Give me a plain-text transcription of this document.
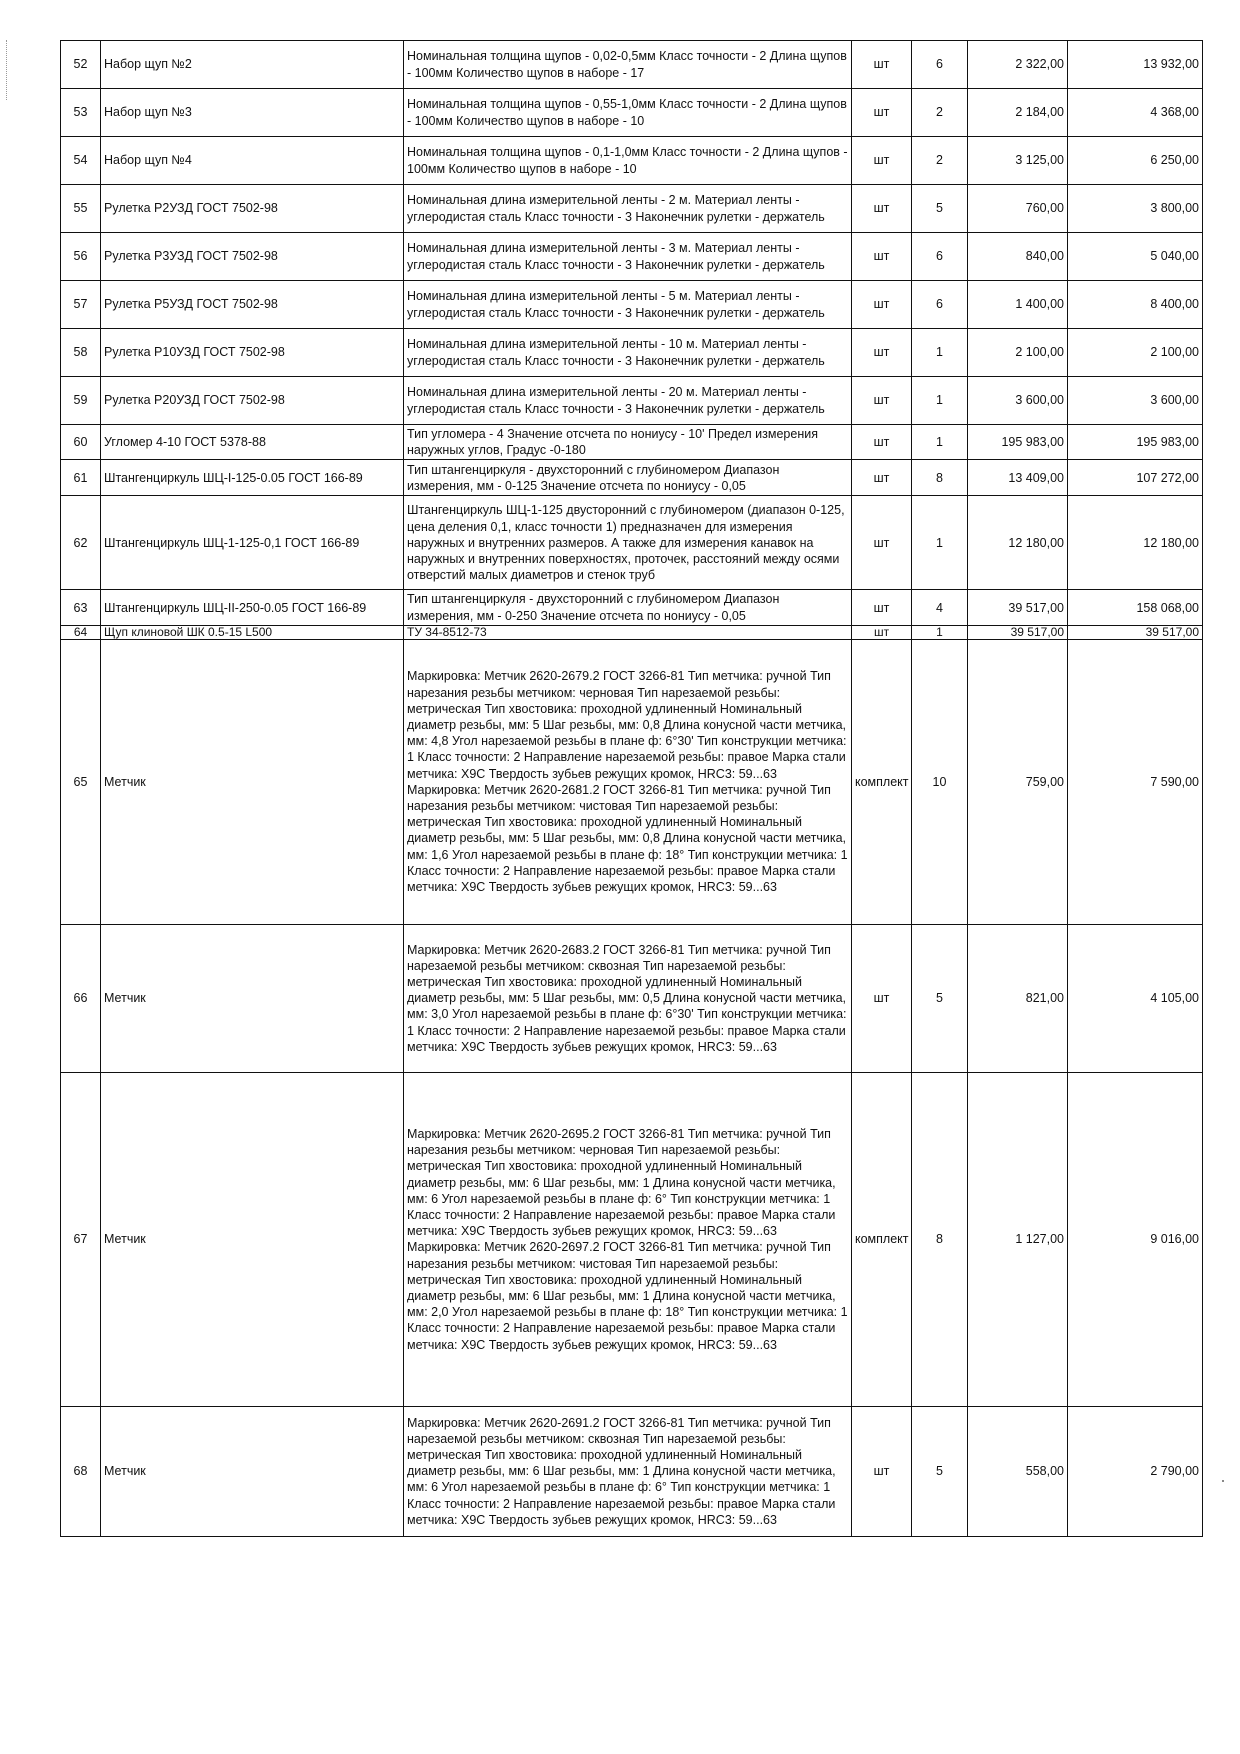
52	Набор щуп №2	Номинальная толщина щупов - 0,02-0,5мм Класс точности - 2 Длина щупов - 100мм Количество щупов в наборе - 17	шт	6	2 322,00	13 932,00
53	Набор щуп №3	Номинальная толщина щупов - 0,55-1,0мм Класс точности - 2 Длина щупов - 100мм Количество щупов в наборе - 10	шт	2	2 184,00	4 368,00
54	Набор щуп №4	Номинальная толщина щупов - 0,1-1,0мм Класс точности - 2 Длина щупов - 100мм Количество щупов в наборе - 10	шт	2	3 125,00	6 250,00
55	Рулетка Р2УЗД ГОСТ 7502-98	Номинальная длина измерительной ленты - 2 м. Материал ленты - углеродистая сталь Класс точности - 3 Наконечник рулетки - держатель	шт	5	760,00	3 800,00
56	Рулетка Р3УЗД ГОСТ 7502-98	Номинальная длина измерительной ленты - 3 м. Материал ленты - углеродистая сталь Класс точности - 3 Наконечник рулетки - держатель	шт	6	840,00	5 040,00
57	Рулетка Р5УЗД ГОСТ 7502-98	Номинальная длина измерительной ленты - 5 м. Материал ленты - углеродистая сталь Класс точности - 3 Наконечник рулетки - держатель	шт	6	1 400,00	8 400,00
58	Рулетка Р10УЗД ГОСТ 7502-98	Номинальная длина измерительной ленты - 10 м. Материал ленты - углеродистая сталь Класс точности - 3 Наконечник рулетки - держатель	шт	1	2 100,00	2 100,00
59	Рулетка Р20УЗД ГОСТ 7502-98	Номинальная длина измерительной ленты - 20 м. Материал ленты - углеродистая сталь Класс точности - 3 Наконечник рулетки - держатель	шт	1	3 600,00	3 600,00
60	Угломер 4-10 ГОСТ 5378-88	Тип угломера - 4 Значение отсчета по нониусу - 10' Предел измерения наружных углов, Градус -0-180	шт	1	195 983,00	195 983,00
61	Штангенциркуль ШЦ-I-125-0.05 ГОСТ 166-89	Тип штангенциркуля - двухсторонний с глубиномером Диапазон измерения, мм - 0-125 Значение отсчета по нониусу - 0,05	шт	8	13 409,00	107 272,00
62	Штангенциркуль ШЦ-1-125-0,1 ГОСТ 166-89	Штангенциркуль ШЦ-1-125 двусторонний с глубиномером (диапазон 0-125, цена деления 0,1, класс точности 1) предназначен для измерения наружных и внутренних размеров. А также для измерения канавок на наружных и внутренних поверхностях, проточек, расстояний между осями отверстий малых диаметров и стенок труб	шт	1	12 180,00	12 180,00
63	Штангенциркуль ШЦ-II-250-0.05 ГОСТ 166-89	Тип штангенциркуля - двухсторонний с глубиномером Диапазон измерения, мм - 0-250 Значение отсчета по нониусу - 0,05	шт	4	39 517,00	158 068,00
64	Щуп клиновой ШК 0.5-15 L500	ТУ 34-8512-73	шт	1	39 517,00	39 517,00
65	Метчик	Маркировка: Метчик 2620-2679.2 ГОСТ 3266-81 Тип метчика: ручной Тип нарезания резьбы метчиком: черновая Тип нарезаемой резьбы: метрическая Тип хвостовика: проходной удлиненный Номинальный диаметр резьбы, мм: 5 Шаг резьбы, мм: 0,8 Длина конусной части метчика, мм: 4,8 Угол нарезаемой резьбы в плане ф: 6°30' Тип конструкции метчика: 1 Класс точности: 2 Направление нарезаемой резьбы: правое Марка стали метчика: Х9С Твердость зубьев режущих кромок, HRC3: 59...63 Маркировка: Метчик 2620-2681.2 ГОСТ 3266-81 Тип метчика: ручной Тип нарезания резьбы метчиком: чистовая Тип нарезаемой резьбы: метрическая Тип хвостовика: проходной удлиненный Номинальный диаметр резьбы, мм: 5 Шаг резьбы, мм: 0,8 Длина конусной части метчика, мм: 1,6 Угол нарезаемой резьбы в плане ф: 18° Тип конструкции метчика: 1 Класс точности: 2 Направление нарезаемой резьбы: правое Марка стали метчика: Х9С Твердость зубьев режущих кромок, HRC3: 59...63	комплект	10	759,00	7 590,00
66	Метчик	Маркировка: Метчик 2620-2683.2 ГОСТ 3266-81 Тип метчика: ручной Тип нарезаемой резьбы метчиком: сквозная Тип нарезаемой резьбы: метрическая Тип хвостовика: проходной удлиненный Номинальный диаметр резьбы, мм: 5 Шаг резьбы, мм: 0,5 Длина конусной части метчика, мм: 3,0 Угол нарезаемой резьбы в плане ф: 6°30' Тип конструкции метчика: 1 Класс точности: 2 Направление нарезаемой резьбы: правое Марка стали метчика: Х9С Твердость зубьев режущих кромок, HRC3: 59...63	шт	5	821,00	4 105,00
67	Метчик	Маркировка: Метчик 2620-2695.2 ГОСТ 3266-81 Тип метчика: ручной Тип нарезания резьбы метчиком: черновая Тип нарезаемой резьбы: метрическая Тип хвостовика: проходной удлиненный Номинальный диаметр резьбы, мм: 6 Шаг резьбы, мм: 1 Длина конусной части метчика, мм: 6 Угол нарезаемой резьбы в плане ф: 6° Тип конструкции метчика: 1 Класс точности: 2 Направление нарезаемой резьбы: правое Марка стали метчика: Х9С Твердость зубьев режущих кромок, HRC3: 59...63 Маркировка: Метчик 2620-2697.2 ГОСТ 3266-81 Тип метчика: ручной Тип нарезания резьбы метчиком: чистовая Тип нарезаемой резьбы: метрическая Тип хвостовика: проходной удлиненный Номинальный диаметр резьбы, мм: 6 Шаг резьбы, мм: 1 Длина конусной части метчика, мм: 2,0 Угол нарезаемой резьбы в плане ф: 18° Тип конструкции метчика: 1 Класс точности: 2 Направление нарезаемой резьбы: правое Марка стали метчика: Х9С Твердость зубьев режущих кромок, HRC3: 59...63	комплект	8	1 127,00	9 016,00
68	Метчик	Маркировка: Метчик 2620-2691.2 ГОСТ 3266-81 Тип метчика: ручной Тип нарезаемой резьбы метчиком: сквозная Тип нарезаемой резьбы: метрическая Тип хвостовика: проходной удлиненный Номинальный диаметр резьбы, мм: 6 Шаг резьбы, мм: 1 Длина конусной части метчика, мм: 6 Угол нарезаемой резьбы в плане ф: 6° Тип конструкции метчика: 1 Класс точности: 2 Направление нарезаемой резьбы: правое Марка стали метчика: Х9С Твердость зубьев режущих кромок, HRC3: 59...63	шт	5	558,00	2 790,00
